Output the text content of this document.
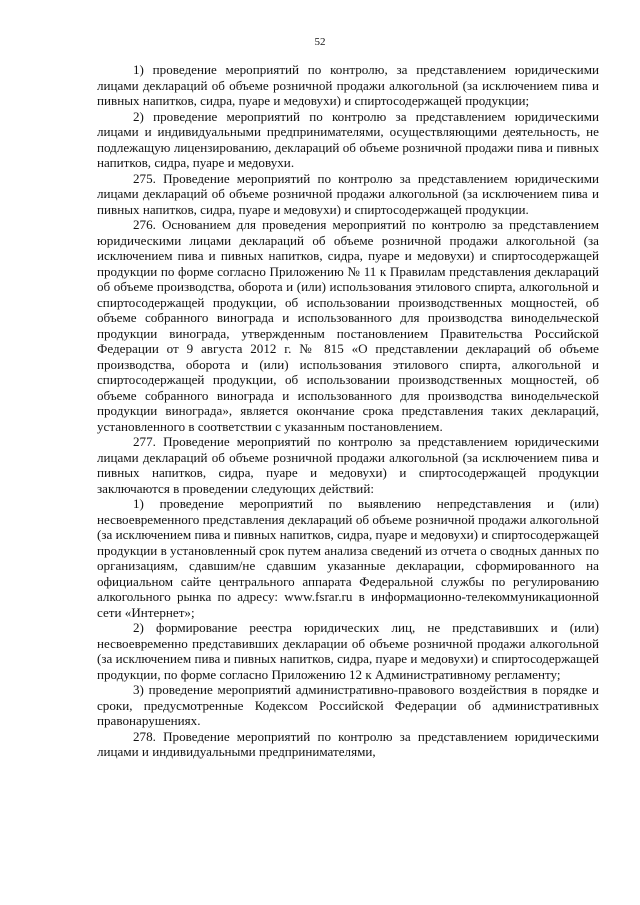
52

1) проведение мероприятий по контролю, за представлением юридическими лицами деклараций об объеме розничной продажи алкогольной (за исключением пива и пивных напитков, сидра, пуаре и медовухи) и спиртосодержащей продукции;

2) проведение мероприятий по контролю за представлением юридическими лицами и индивидуальными предпринимателями, осуществляющими деятельность, не подлежащую лицензированию, деклараций об объеме розничной продажи пива и пивных напитков, сидра, пуаре и медовухи.

275. Проведение мероприятий по контролю за представлением юридическими лицами деклараций об объеме розничной продажи алкогольной (за исключением пива и пивных напитков, сидра, пуаре и медовухи) и спиртосодержащей продукции.

276. Основанием для проведения мероприятий по контролю за представлением юридическими лицами деклараций об объеме розничной продажи алкогольной (за исключением пива и пивных напитков, сидра, пуаре и медовухи) и спиртосодержащей продукции по форме согласно Приложению № 11 к Правилам представления деклараций об объеме производства, оборота и (или) использования этилового спирта, алкогольной и спиртосодержащей продукции, об использовании производственных мощностей, об объеме собранного винограда и использованного для производства винодельческой продукции винограда, утвержденным постановлением Правительства Российской Федерации от 9 августа 2012 г. № 815 «О представлении деклараций об объеме производства, оборота и (или) использования этилового спирта, алкогольной и спиртосодержащей продукции, об использовании производственных мощностей, об объеме собранного винограда и использованного для производства винодельческой продукции винограда», является окончание срока представления таких деклараций, установленного в соответствии с указанным постановлением.

277. Проведение мероприятий по контролю за представлением юридическими лицами деклараций об объеме розничной продажи алкогольной (за исключением пива и пивных напитков, сидра, пуаре и медовухи) и спиртосодержащей продукции заключаются в проведении следующих действий:

1) проведение мероприятий по выявлению непредставления и (или) несвоевременного представления деклараций об объеме розничной продажи алкогольной (за исключением пива и пивных напитков, сидра, пуаре и медовухи) и спиртосодержащей продукции в установленный срок путем анализа сведений из отчета о сводных данных по организациям, сдавшим/не сдавшим указанные декларации, сформированного на официальном сайте центрального аппарата Федеральной службы по регулированию алкогольного рынка по адресу: www.fsrar.ru в информационно-телекоммуникационной сети «Интернет»;

2) формирование реестра юридических лиц, не представивших и (или) несвоевременно представивших декларации об объеме розничной продажи алкогольной (за исключением пива и пивных напитков, сидра, пуаре и медовухи) и спиртосодержащей продукции, по форме согласно Приложению 12 к Административному регламенту;

3) проведение мероприятий административно-правового воздействия в порядке и сроки, предусмотренные Кодексом Российской Федерации об административных правонарушениях.

278. Проведение мероприятий по контролю за представлением юридическими лицами и индивидуальными предпринимателями,
